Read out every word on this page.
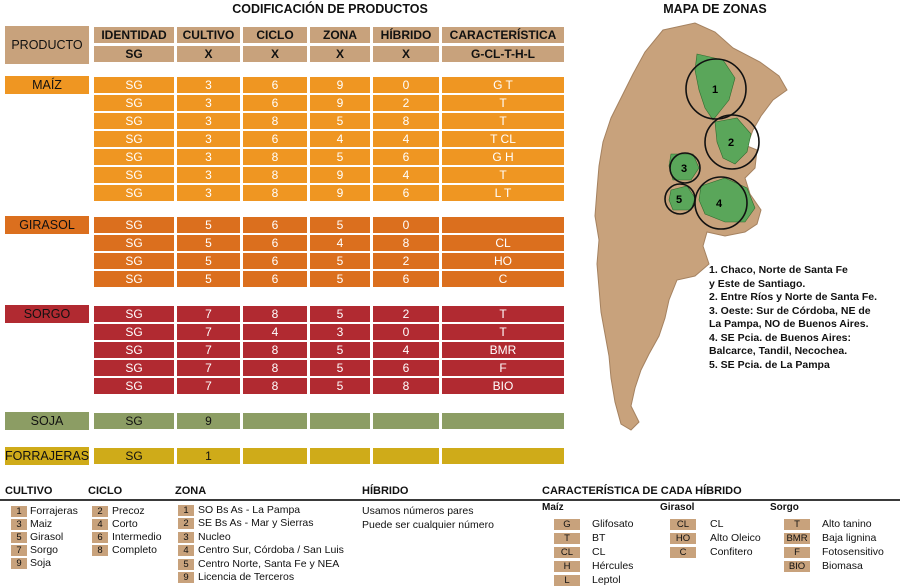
CODIFICACIÓN DE PRODUCTOS
PRODUCTO
IDENTIDAD	CULTIVO	CICLO	ZONA	HÍBRIDO	CARACTERÍSTICA
SG	X	X	X	X	G-CL-T-H-L
MAÍZ	SG	3	6	9	0	G T
SG	3	6	9	2	T
SG	3	8	5	8	T
SG	3	6	4	4	T CL
SG	3	8	5	6	G H
SG	3	8	9	4	T
SG	3	8	9	6	L T
GIRASOL	SG	5	6	5	0
SG	5	6	4	8	CL
SG	5	6	5	2	HO
SG	5	6	5	6	C
SORGO	SG	7	8	5	2	T
SG	7	4	3	0	T
SG	7	8	5	4	BMR
SG	7	8	5	6	F
SG	7	8	5	8	BIO
SOJA	SG	9
FORRAJERAS	SG	1
MAPA DE ZONAS
1
2
3
4
5
1. Chaco, Norte de Santa Fe
y Este de Santiago.
2. Entre Ríos y Norte de Santa Fe.
3. Oeste: Sur de Córdoba, NE de
La Pampa, NO de Buenos Aires.
4. SE Pcia. de Buenos Aires:
Balcarce, Tandil, Necochea.
5. SE Pcia. de La Pampa
CULTIVO	CICLO	ZONA	HÍBRIDO	CARACTERÍSTICA DE CADA HÍBRIDO
Usamos números pares
Puede ser cualquier número
Maíz	Girasol	Sorgo
1 Forrajeras
3 Maiz
5 Girasol
7 Sorgo
9 Soja
2 Precoz
4 Corto
6 Intermedio
8 Completo
1 SO Bs As - La Pampa
2 SE Bs As - Mar y Sierras
3 Nucleo
4 Centro Sur, Córdoba / San Luis
5 Centro Norte, Santa Fe y NEA
9 Licencia de Terceros
G	Glifosato
T	BT
CL	CL
H	Hércules
L	Leptol
CL	CL
HO	Alto Oleico
C	Confitero
T	Alto tanino
BMR Baja lignina
F	Fotosensitivo
BIO	Biomasa
